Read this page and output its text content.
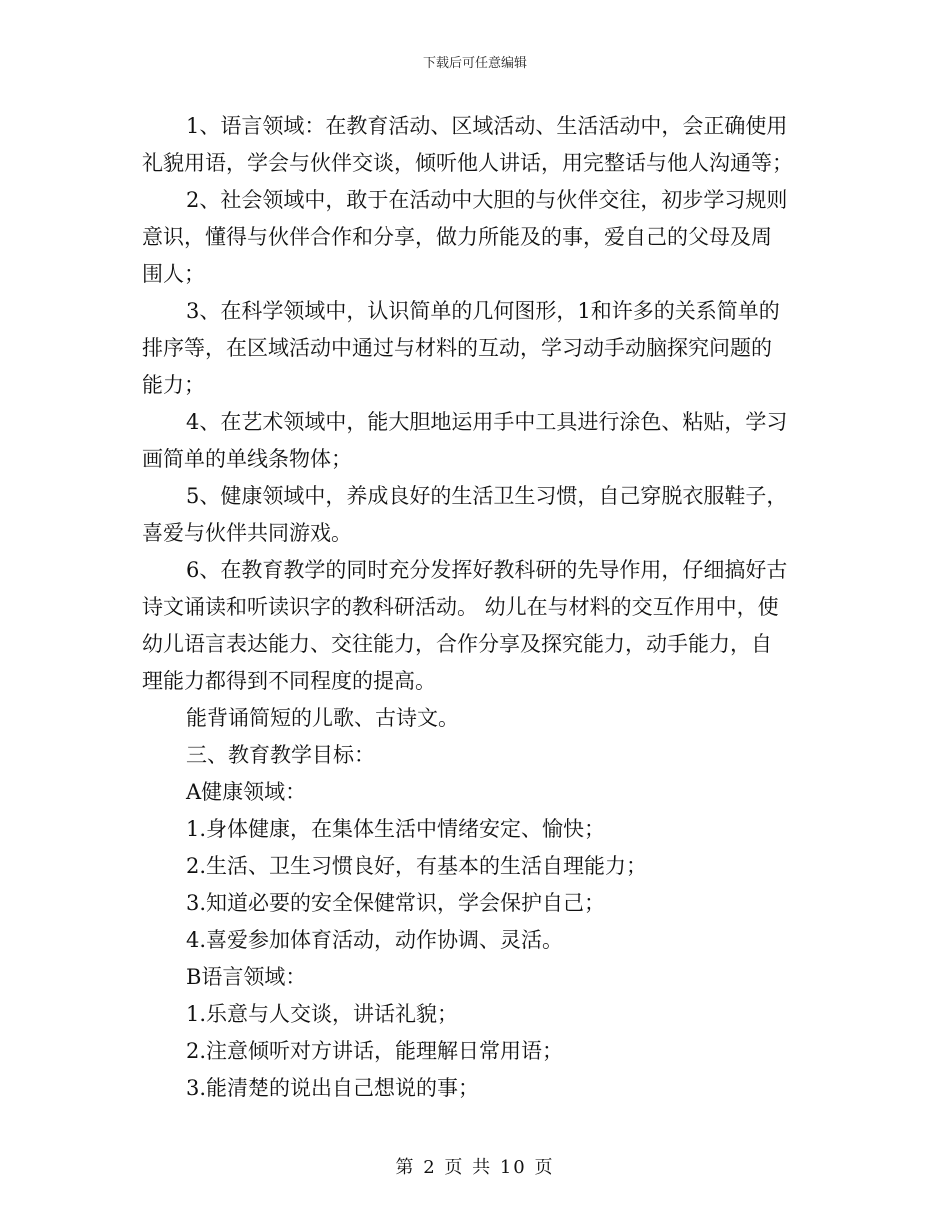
下载后可任意编辑
1、语言领域：在教育活动、区域活动、生活活动中，会正确使用
礼貌用语，学会与伙伴交谈，倾听他人讲话，用完整话与他人沟通等；
2、社会领域中，敢于在活动中大胆的与伙伴交往，初步学习规则
意识，懂得与伙伴合作和分享，做力所能及的事，爱自己的父母及周
围人；
3、在科学领域中，认识简单的几何图形，1和许多的关系简单的
排序等，在区域活动中通过与材料的互动，学习动手动脑探究问题的
能力；
4、在艺术领域中，能大胆地运用手中工具进行涂色、粘贴，学习
画简单的单线条物体；
5、健康领域中，养成良好的生活卫生习惯，自己穿脱衣服鞋子，
喜爱与伙伴共同游戏。
6、在教育教学的同时充分发挥好教科研的先导作用，仔细搞好古
诗文诵读和听读识字的教科研活动。 幼儿在与材料的交互作用中，使
幼儿语言表达能力、交往能力，合作分享及探究能力，动手能力，自
理能力都得到不同程度的提高。
能背诵简短的儿歌、古诗文。
三、教育教学目标：
A健康领域：
1.身体健康，在集体生活中情绪安定、愉快；
2.生活、卫生习惯良好，有基本的生活自理能力；
3.知道必要的安全保健常识，学会保护自己；
4.喜爱参加体育活动，动作协调、灵活。
B语言领域：
1.乐意与人交谈，讲话礼貌；
2.注意倾听对方讲话，能理解日常用语；
3.能清楚的说出自己想说的事；
第 2 页 共 10 页
